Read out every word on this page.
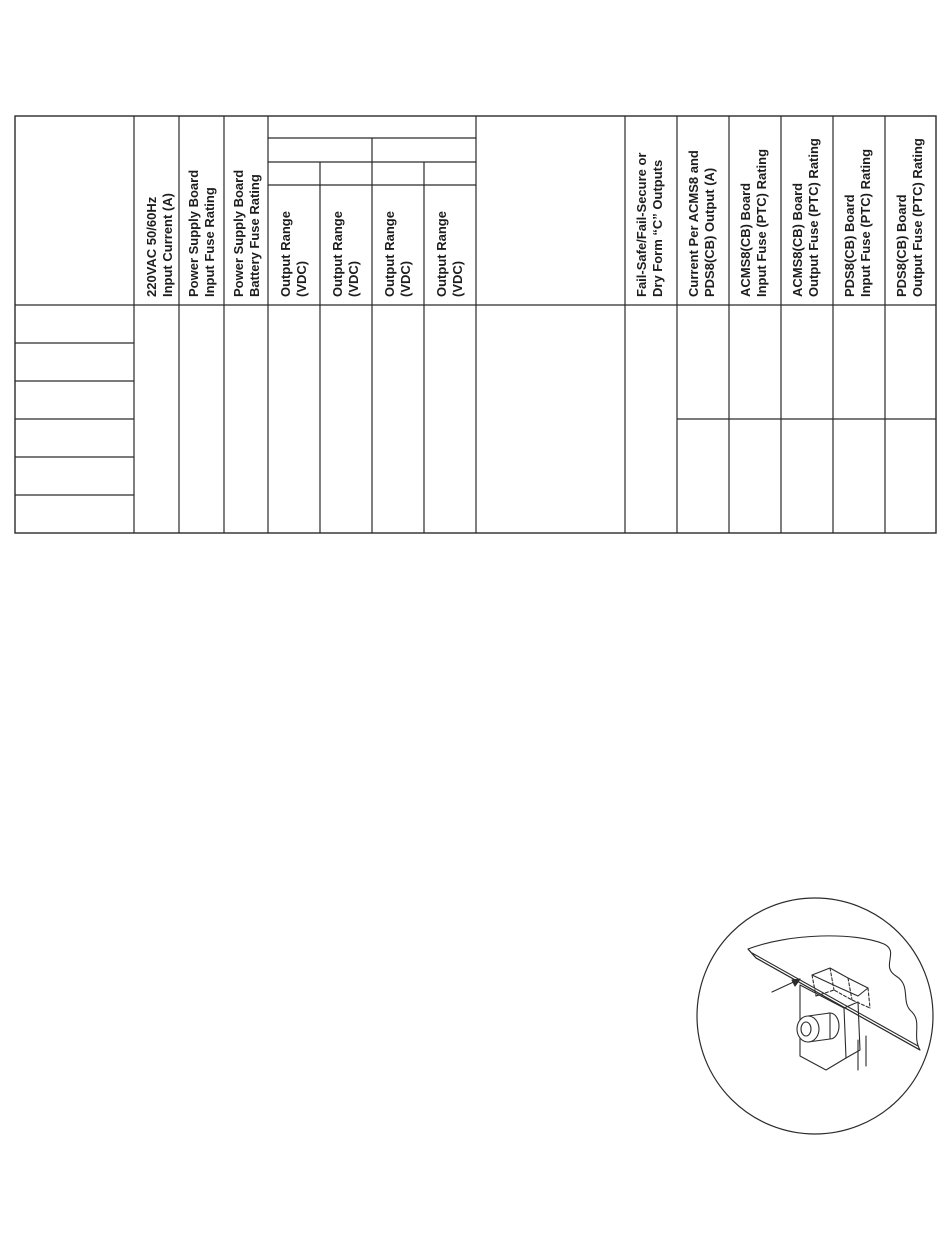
220VAC 50/60Hz Input Current (A) Power Supply Board Input Fuse Rating Power Supply Board Battery Fuse Rating Output Range (VDC) Output Range (VDC) Output Range (VDC) Output Range (VDC)	Fail-Safe/Fail-Secure or Dry Form “C” Outputs Current Per ACMS8 and PDS8(CB) Output (A) ACMS8(CB) Board Input Fuse (PTC) Rating ACMS8(CB) Board Output Fuse (PTC) Rating PDS8(CB) Board Input Fuse (PTC) Rating PDS8(CB) Board Output Fuse (PTC) Rating
